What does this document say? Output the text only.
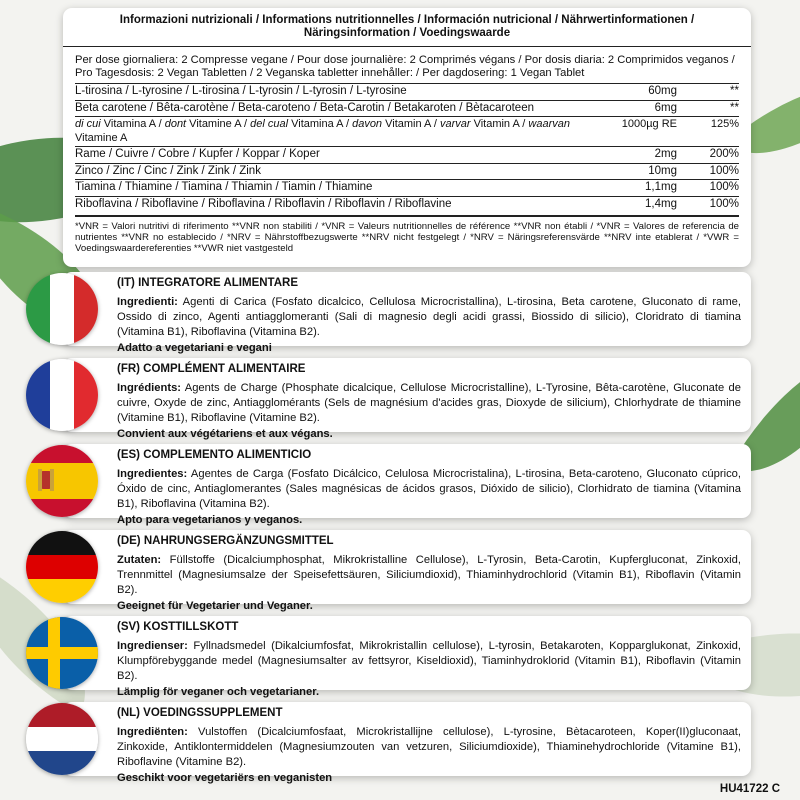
Informazioni nutrizionali / Informations nutritionnelles / Información nutricional / Nährwertinformationen /
Näringsinformation / Voedingswaarde
Per dose giornaliera: 2 Compresse vegane / Pour dose journalière: 2 Comprimés végans / Por dosis diaria: 2 Comprimidos veganos / Pro Tagesdosis: 2 Vegan Tabletten / 2 Veganska tabletter innehåller: / Per dagdosering: 1 Vegan Tablet
L-tirosina / L-tyrosine / L-tirosina / L-tyrosin / L-tyrosin / L-tyrosine	60mg	**
Beta carotene / Bêta-carotène / Beta-caroteno / Beta-Carotin / Betakaroten / Bètacaroteen	6mg	**
di cui Vitamina A / dont Vitamine A / del cual Vitamina A / davon Vitamin A / varvar Vitamin A / waarvan Vitamine A	1000µg RE	125%
Rame / Cuivre / Cobre / Kupfer / Koppar / Koper	2mg	200%
Zinco / Zinc / Cinc / Zink / Zink / Zink	10mg	100%
Tiamina / Thiamine / Tiamina / Thiamin / Tiamin / Thiamine	1,1mg	100%
Riboflavina / Riboflavine / Riboflavina / Riboflavin / Riboflavin / Riboflavine	1,4mg	100%
*VNR = Valori nutritivi di riferimento **VNR non stabiliti / *VNR = Valeurs nutritionnelles de référence **VNR non établi / *VNR = Valores de referencia de nutrientes **VNR no establecido / *NRV = Nährstoffbezugswerte **NRV nicht festgelegt / *NRV = Näringsreferensvärde **NRV inte etablerat / *VWR = Voedingswaardereferenties **VWR niet vastgesteld
(IT) INTEGRATORE ALIMENTARE
Ingredienti: Agenti di Carica (Fosfato dicalcico, Cellulosa Microcristallina), L-tirosina, Beta carotene, Gluconato di rame, Ossido di zinco, Agenti antiagglomeranti (Sali di magnesio degli acidi grassi, Biossido di silicio), Cloridrato di tiamina (Vitamina B1), Riboflavina (Vitamina B2).
Adatto a vegetariani e vegani
(FR) COMPLÉMENT ALIMENTAIRE
Ingrédients: Agents de Charge (Phosphate dicalcique, Cellulose Microcristalline), L-Tyrosine, Bêta-carotène, Gluconate de cuivre, Oxyde de zinc, Antiagglomérants (Sels de magnésium d'acides gras, Dioxyde de silicium), Chlorhydrate de thiamine (Vitamine B1), Riboflavine (Vitamine B2).
Convient aux végétariens et aux végans.
(ES) COMPLEMENTO ALIMENTICIO
Ingredientes: Agentes de Carga (Fosfato Dicálcico, Celulosa Microcristalina), L-tirosina, Beta-caroteno, Gluconato cúprico, Óxido de cinc, Antiaglomerantes (Sales magnésicas de ácidos grasos, Dióxido de silicio), Clorhidrato de tiamina (Vitamina B1), Riboflavina (Vitamina B2).
Apto para vegetarianos y veganos.
(DE) NAHRUNGSERGÄNZUNGSMITTEL
Zutaten: Füllstoffe (Dicalciumphosphat, Mikrokristalline Cellulose), L-Tyrosin, Beta-Carotin, Kupfergluconat, Zinkoxid, Trennmittel (Magnesiumsalze der Speisefettsäuren, Siliciumdioxid), Thiaminhydrochlorid (Vitamin B1), Riboflavin (Vitamin B2).
Geeignet für Vegetarier und Veganer.
(SV) KOSTTILLSKOTT
Ingredienser: Fyllnadsmedel (Dikalciumfosfat, Mikrokristallin cellulose), L-tyrosin, Betakaroten, Kopparglukonat, Zinkoxid, Klumpförebyggande medel (Magnesiumsalter av fettsyror, Kiseldioxid), Tiaminhydroklorid (Vitamin B1), Riboflavin (Vitamin B2).
Lämplig för veganer och vegetarianer.
(NL) VOEDINGSSUPPLEMENT
Ingrediënten: Vulstoffen (Dicalciumfosfaat, Microkristallijne cellulose), L-tyrosine, Bètacaroteen, Koper(II)gluconaat, Zinkoxide, Antiklontermiddelen (Magnesiumzouten van vetzuren, Siliciumdioxide), Thiaminehydrochloride (Vitamine B1), Riboflavine (Vitamine B2).
Geschikt voor vegetariërs en veganisten
HU41722 C
